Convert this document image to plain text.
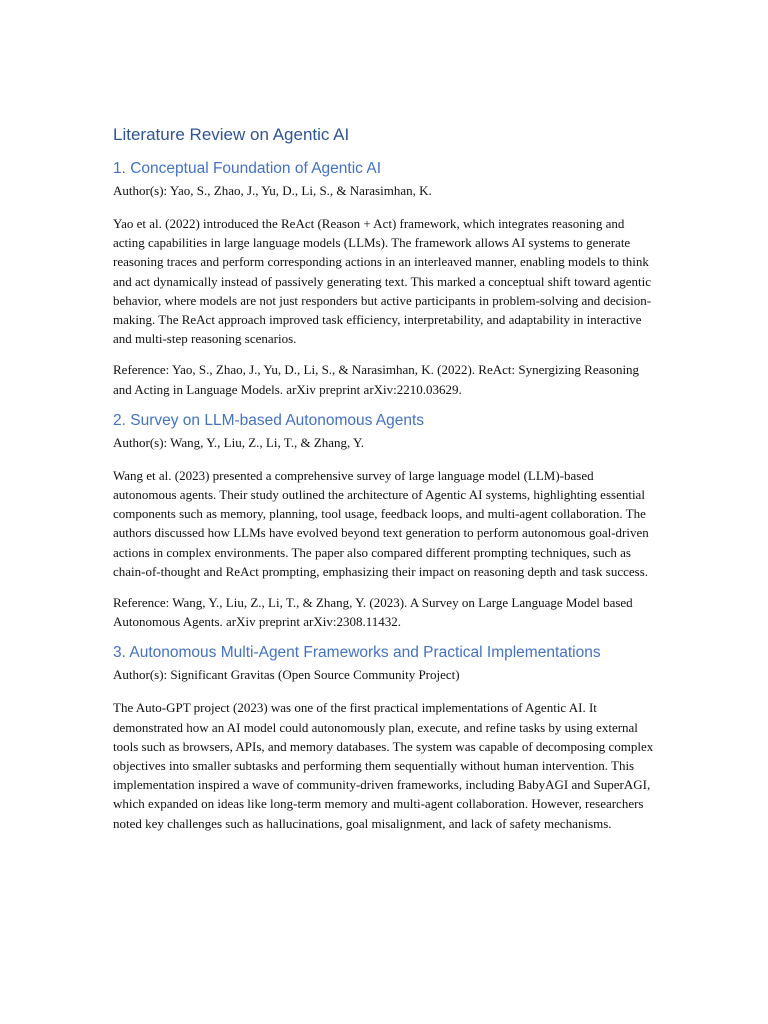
Literature Review on Agentic AI
1. Conceptual Foundation of Agentic AI

Author(s): Yao, S., Zhao, J., Yu, D., Li, S., & Narasimhan, K.

Yao et al. (2022) introduced the ReAct (Reason + Act) framework, which integrates reasoning and acting capabilities in large language models (LLMs). The framework allows AI systems to generate reasoning traces and perform corresponding actions in an interleaved manner, enabling models to think and act dynamically instead of passively generating text. This marked a conceptual shift toward agentic behavior, where models are not just responders but active participants in problem-solving and decision-making. The ReAct approach improved task efficiency, interpretability, and adaptability in interactive and multi-step reasoning scenarios.

Reference: Yao, S., Zhao, J., Yu, D., Li, S., & Narasimhan, K. (2022). ReAct: Synergizing Reasoning and Acting in Language Models. arXiv preprint arXiv:2210.03629.

2. Survey on LLM-based Autonomous Agents

Author(s): Wang, Y., Liu, Z., Li, T., & Zhang, Y.

Wang et al. (2023) presented a comprehensive survey of large language model (LLM)-based autonomous agents. Their study outlined the architecture of Agentic AI systems, highlighting essential components such as memory, planning, tool usage, feedback loops, and multi-agent collaboration. The authors discussed how LLMs have evolved beyond text generation to perform autonomous goal-driven actions in complex environments. The paper also compared different prompting techniques, such as chain-of-thought and ReAct prompting, emphasizing their impact on reasoning depth and task success.

Reference: Wang, Y., Liu, Z., Li, T., & Zhang, Y. (2023). A Survey on Large Language Model based Autonomous Agents. arXiv preprint arXiv:2308.11432.

3. Autonomous Multi-Agent Frameworks and Practical Implementations

Author(s): Significant Gravitas (Open Source Community Project)

The Auto-GPT project (2023) was one of the first practical implementations of Agentic AI. It demonstrated how an AI model could autonomously plan, execute, and refine tasks by using external tools such as browsers, APIs, and memory databases. The system was capable of decomposing complex objectives into smaller subtasks and performing them sequentially without human intervention. This implementation inspired a wave of community-driven frameworks, including BabyAGI and SuperAGI, which expanded on ideas like long-term memory and multi-agent collaboration. However, researchers noted key challenges such as hallucinations, goal misalignment, and lack of safety mechanisms.
